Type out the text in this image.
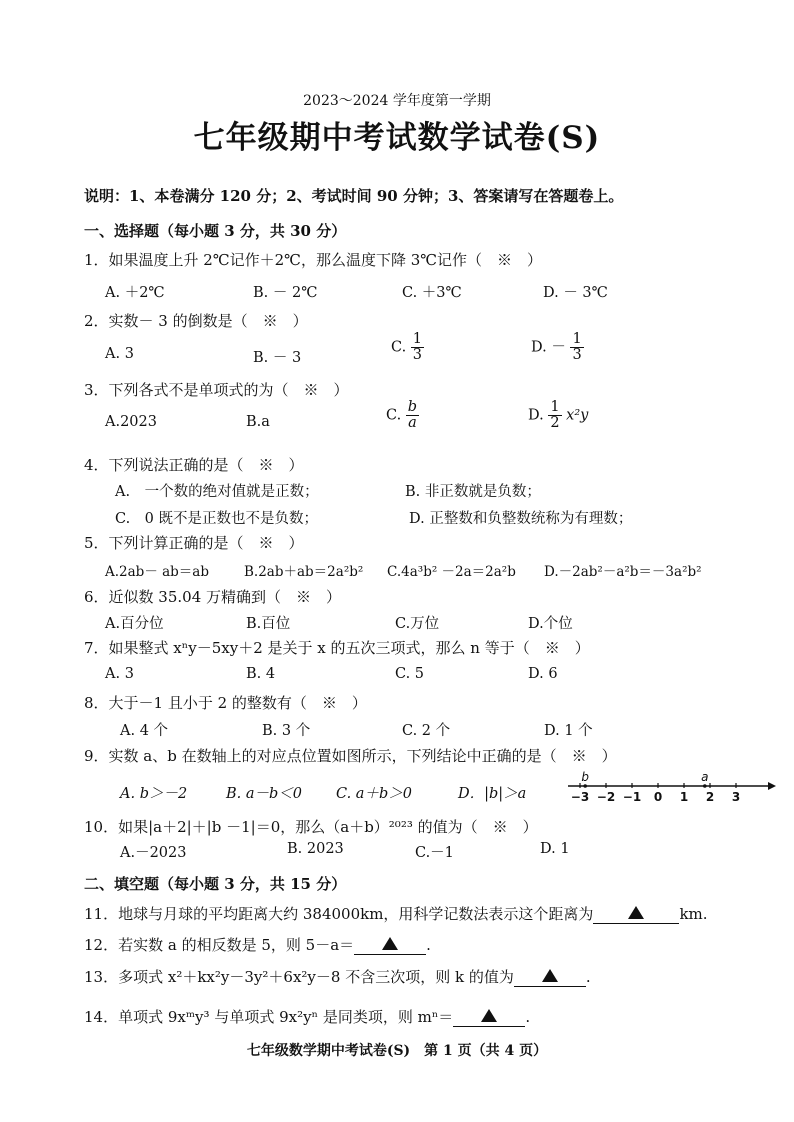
2023～2024 学年度第一学期
七年级期中考试数学试卷(S)
说明：1、本卷满分 120 分；2、考试时间 90 分钟；3、答案请写在答题卷上。
一、选择题（每小题 3 分，共 30 分）
1．如果温度上升 2℃记作＋2℃，那么温度下降 3℃记作（　※　）
A. ＋2℃	B. － 2℃	C. ＋3℃	D. － 3℃
2．实数－ 3 的倒数是（　※　）
A. 3	B. － 3
C. $\frac{1}{3}$	D. － $\frac{1}{3}$
3．下列各式不是单项式的为（　※　）
A.2023	B.a	C. $\frac{b}{a}$	D. $\frac{1}{2} x^2y$
4．下列说法正确的是（　※　）
A.　一个数的绝对值就是正数；	B. 非正数就是负数；
C.　0 既不是正数也不是负数；	D. 正整数和负整数统称为有理数；
5．下列计算正确的是（　※　）
A.2ab－ ab＝ab	B.2ab＋ab＝2a²b² C.4a³b² －2a＝2a²b D.－2ab²－a²b＝－3a²b²
6．近似数 35.04 万精确到（　※　）
A.百分位	B.百位	C.万位	D.个位
7．如果整式 xⁿy－5xy＋2 是关于 x 的五次三项式，那么 n 等于（　※　）
A. 3	B. 4	C. 5	D. 6
8．大于－1 且小于 2 的整数有（　※　）
A. 4 个	B. 3 个	C. 2 个	D. 1 个
9．实数 a、b 在数轴上的对应点位置如图所示，下列结论中正确的是（　※　）
A. b＞－2	B. a－b＜0 C. a＋b＞0	D．|b|＞a	−3 −2 −1 0 1 2 3
b	a
10．如果|a＋2|＋|b －1|＝0，那么（a＋b）²⁰²³ 的值为（　※　）
A.－2023	B. 2023	C.－1	D. 1
二、填空题（每小题 3 分，共 15 分）
11．地球与月球的平均距离大约 384000km，用科学记数法表示这个距离为	km.
12．若实数 a 的相反数是 5，则 5－a＝	.
13．多项式 x²＋kx²y－3y²＋6x²y－8 不含三次项，则 k 的值为	.
14．单项式 9xᵐy³ 与单项式 9x²yⁿ 是同类项，则 mⁿ＝	.
七年级数学期中考试卷(S)　第 1 页（共 4 页）
